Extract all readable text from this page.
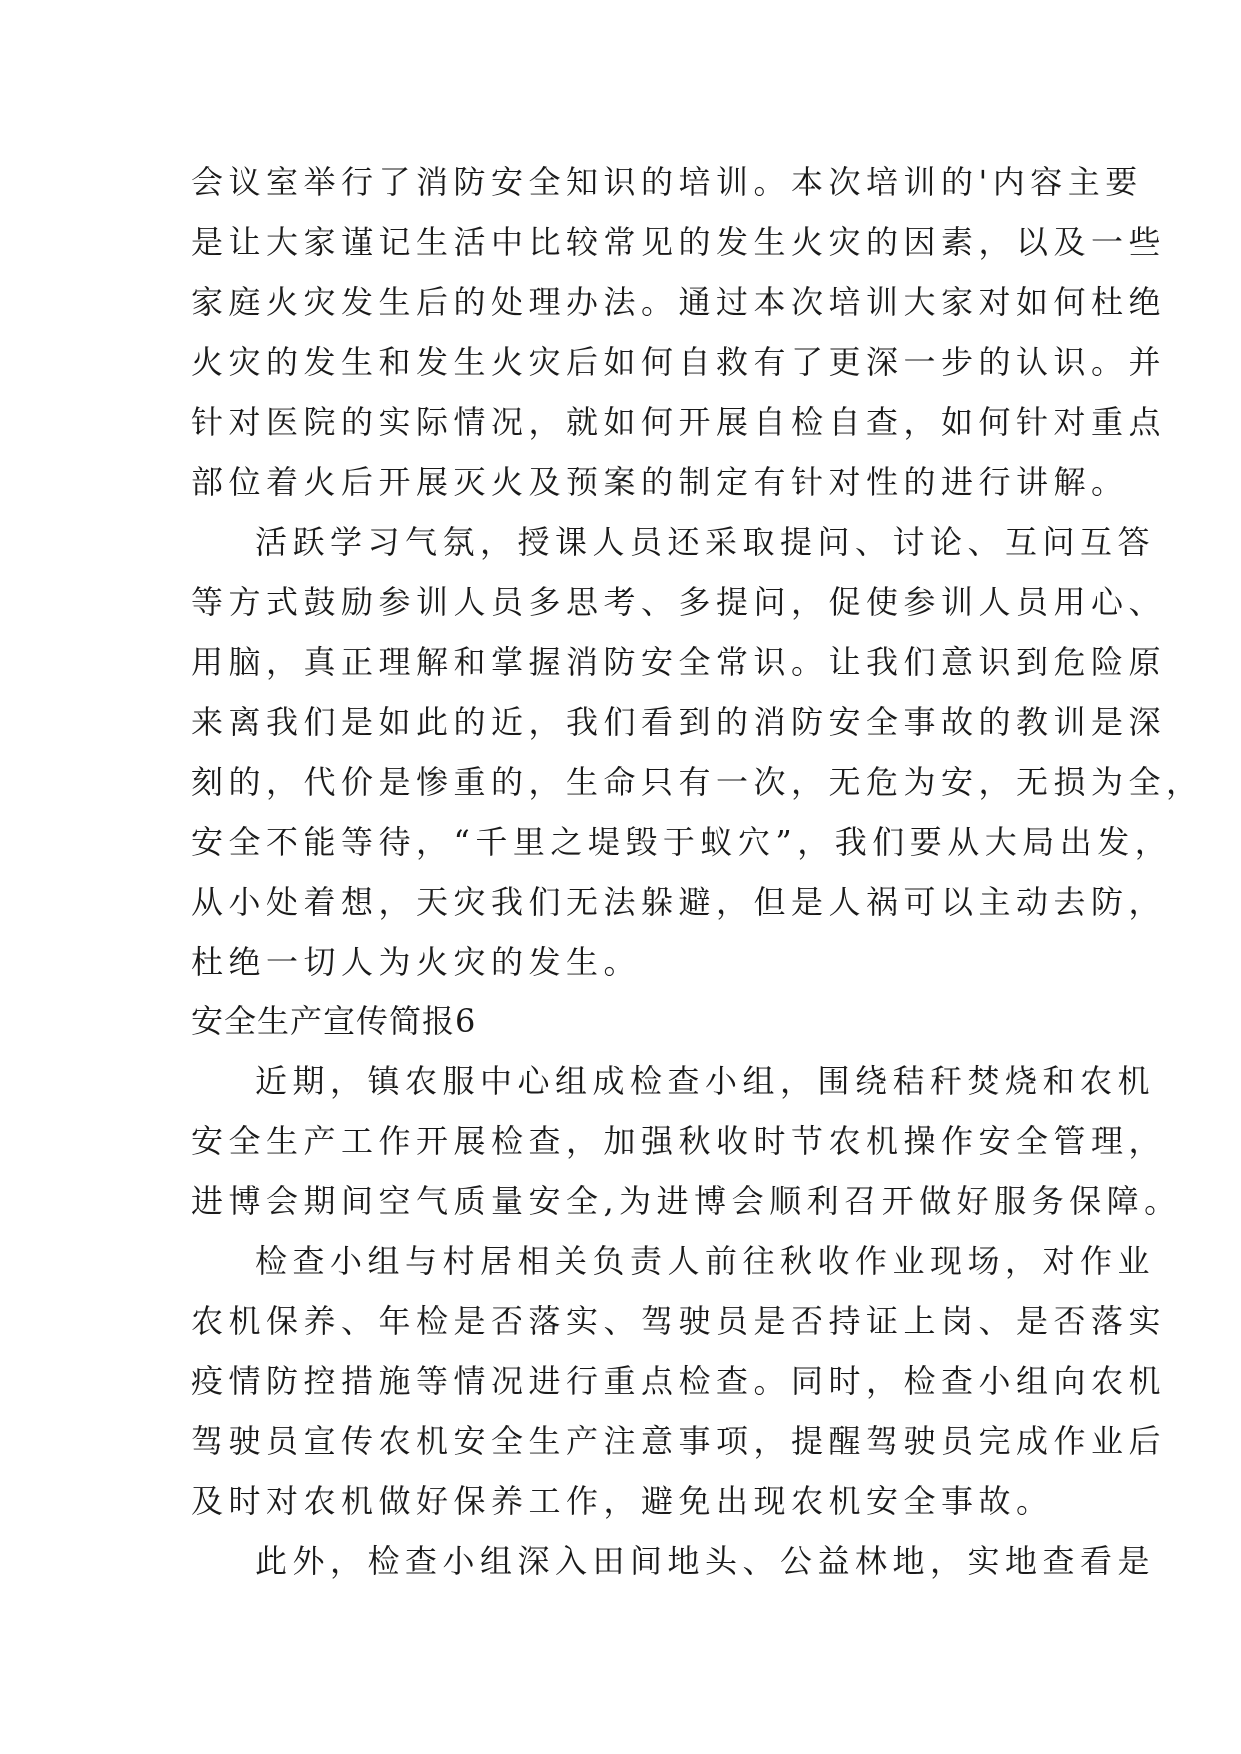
会议室举行了消防安全知识的培训。本次培训的'内容主要
是让大家谨记生活中比较常见的发生火灾的因素，以及一些
家庭火灾发生后的处理办法。通过本次培训大家对如何杜绝
火灾的发生和发生火灾后如何自救有了更深一步的认识。并
针对医院的实际情况，就如何开展自检自查，如何针对重点
部位着火后开展灭火及预案的制定有针对性的进行讲解。
活跃学习气氛，授课人员还采取提问、讨论、互问互答
等方式鼓励参训人员多思考、多提问，促使参训人员用心、
用脑，真正理解和掌握消防安全常识。让我们意识到危险原
来离我们是如此的近，我们看到的消防安全事故的教训是深
刻的，代价是惨重的，生命只有一次，无危为安，无损为全，
安全不能等待，“千里之堤毁于蚁穴”，我们要从大局出发，
从小处着想，天灾我们无法躲避，但是人祸可以主动去防，
杜绝一切人为火灾的发生。
安全生产宣传简报6
近期，镇农服中心组成检查小组，围绕秸秆焚烧和农机
安全生产工作开展检查，加强秋收时节农机操作安全管理，
进博会期间空气质量安全,为进博会顺利召开做好服务保障。
检查小组与村居相关负责人前往秋收作业现场，对作业
农机保养、年检是否落实、驾驶员是否持证上岗、是否落实
疫情防控措施等情况进行重点检查。同时，检查小组向农机
驾驶员宣传农机安全生产注意事项，提醒驾驶员完成作业后
及时对农机做好保养工作，避免出现农机安全事故。
此外，检查小组深入田间地头、公益林地，实地查看是
